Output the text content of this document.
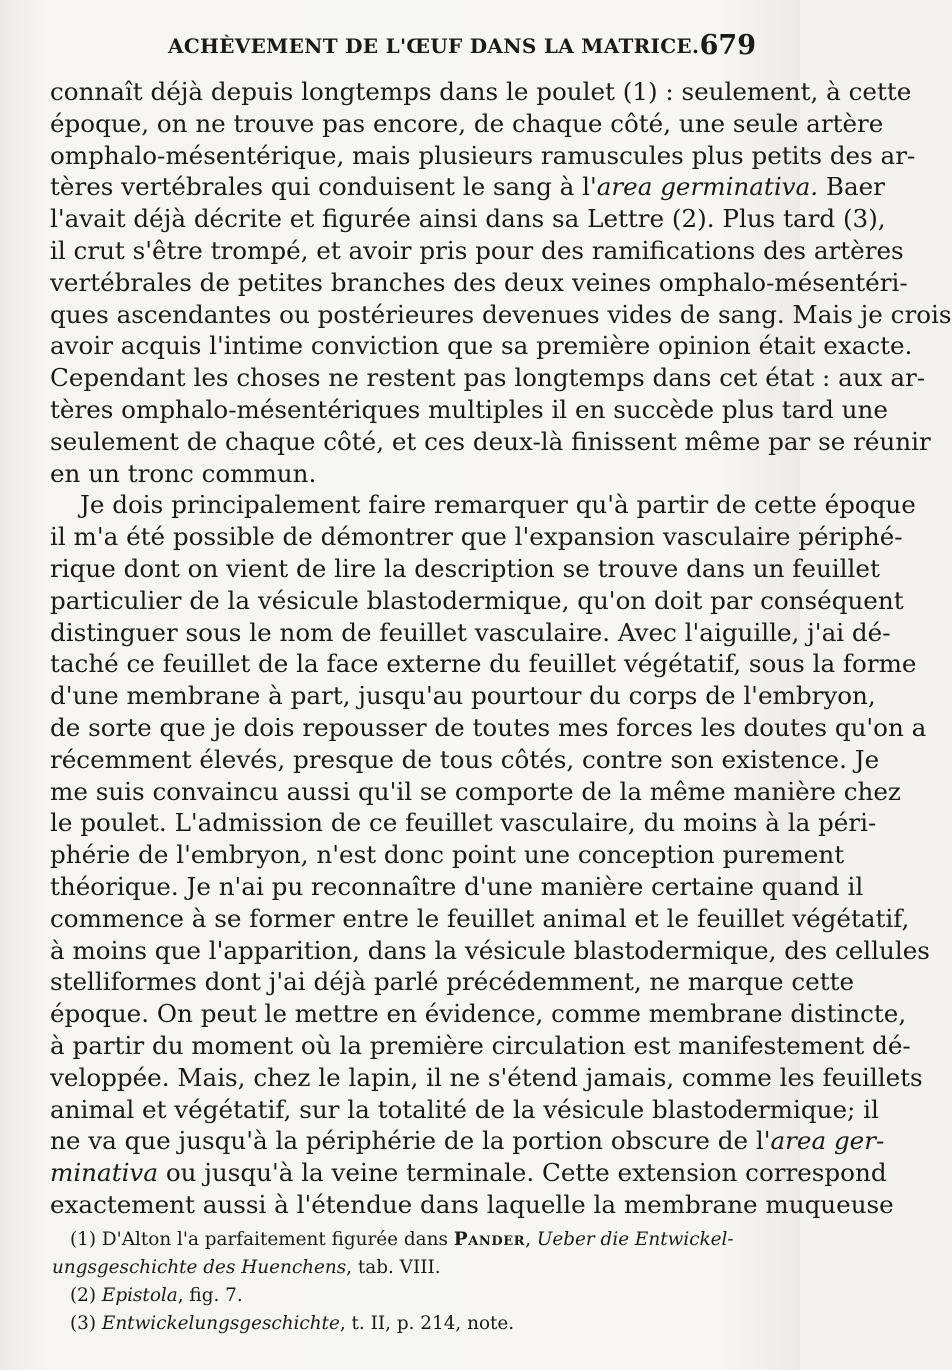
ACHÈVEMENT DE L'ŒUF DANS LA MATRICE. 679
connaît déjà depuis longtemps dans le poulet (1) : seulement, à cette
époque, on ne trouve pas encore, de chaque côté, une seule artère
omphalo-mésentérique, mais plusieurs ramuscules plus petits des ar-
tères vertébrales qui conduisent le sang à l'area germinativa. Baer
l'avait déjà décrite et figurée ainsi dans sa Lettre (2). Plus tard (3),
il crut s'être trompé, et avoir pris pour des ramifications des artères
vertébrales de petites branches des deux veines omphalo-mésentéri-
ques ascendantes ou postérieures devenues vides de sang. Mais je crois
avoir acquis l'intime conviction que sa première opinion était exacte.
Cependant les choses ne restent pas longtemps dans cet état : aux ar-
tères omphalo-mésentériques multiples il en succède plus tard une
seulement de chaque côté, et ces deux-là finissent même par se réunir
en un tronc commun.
Je dois principalement faire remarquer qu'à partir de cette époque
il m'a été possible de démontrer que l'expansion vasculaire périphé-
rique dont on vient de lire la description se trouve dans un feuillet
particulier de la vésicule blastodermique, qu'on doit par conséquent
distinguer sous le nom de feuillet vasculaire. Avec l'aiguille, j'ai dé-
taché ce feuillet de la face externe du feuillet végétatif, sous la forme
d'une membrane à part, jusqu'au pourtour du corps de l'embryon,
de sorte que je dois repousser de toutes mes forces les doutes qu'on a
récemment élevés, presque de tous côtés, contre son existence. Je
me suis convaincu aussi qu'il se comporte de la même manière chez
le poulet. L'admission de ce feuillet vasculaire, du moins à la péri-
phérie de l'embryon, n'est donc point une conception purement
théorique. Je n'ai pu reconnaître d'une manière certaine quand il
commence à se former entre le feuillet animal et le feuillet végétatif,
à moins que l'apparition, dans la vésicule blastodermique, des cellules
stelliformes dont j'ai déjà parlé précédemment, ne marque cette
époque. On peut le mettre en évidence, comme membrane distincte,
à partir du moment où la première circulation est manifestement dé-
veloppée. Mais, chez le lapin, il ne s'étend jamais, comme les feuillets
animal et végétatif, sur la totalité de la vésicule blastodermique; il
ne va que jusqu'à la périphérie de la portion obscure de l'area ger-
minativa ou jusqu'à la veine terminale. Cette extension correspond
exactement aussi à l'étendue dans laquelle la membrane muqueuse
(1) D'Alton l'a parfaitement figurée dans Pander, Ueber die Entwickel-
ungsgeschichte des Huenchens, tab. VIII.
(2) Epistola, fig. 7.
(3) Entwickelungsgeschichte, t. II, p. 214, note.
